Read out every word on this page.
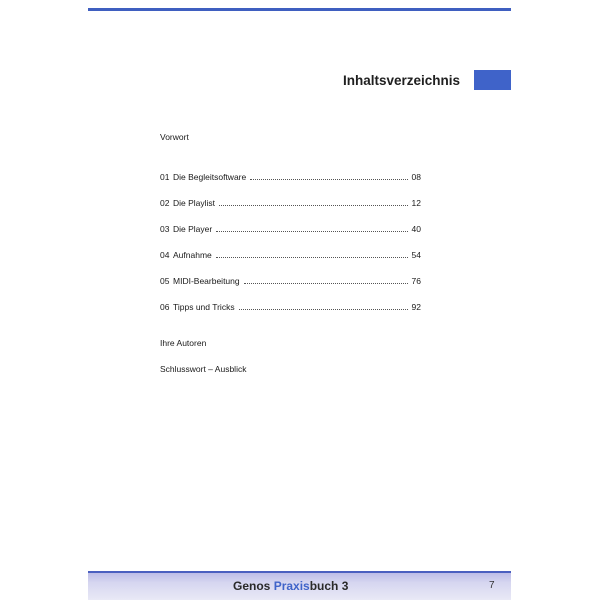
Inhaltsverzeichnis
Vorwort
01 Die Begleitsoftware	08
02 Die Playlist	12
03 Die Player	40
04 Aufnahme	54
05 MIDI-Bearbeitung	76
06 Tipps und Tricks	92
Ihre Autoren
Schlusswort – Ausblick
Genos Praxisbuch 3	7
